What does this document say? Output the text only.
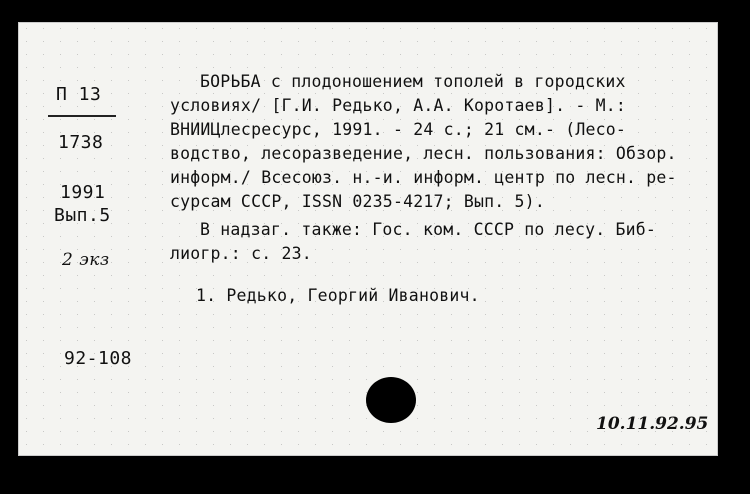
П 13
1738
1991
Вып.5
2 экз
92-108
БОРЬБА с плодоношением тополей в городских
условиях/ [Г.И. Редько, А.А. Коротаев]. - М.:
ВНИИЦлесресурс, 1991. - 24 с.; 21 см.- (Лесо-
водство, лесоразведение, лесн. пользования: Обзор.
информ./ Всесоюз. н.-и. информ. центр по лесн. ре-
сурсам СССР, ISSN 0235-4217; Вып. 5).
В надзаг. также: Гос. ком. СССР по лесу. Биб-
лиогр.: с. 23.
1. Редько, Георгий Иванович.
10.11.92.95
